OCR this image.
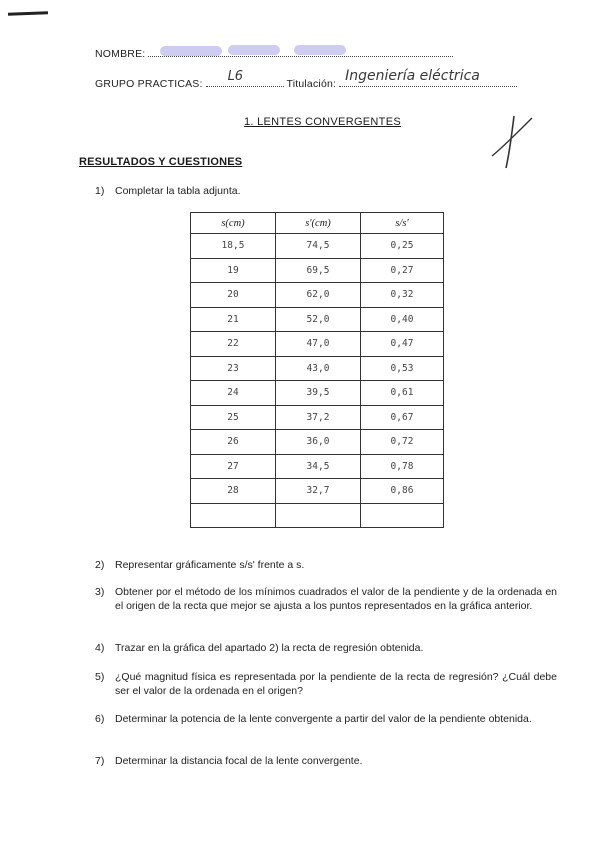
NOMBRE:
GRUPO PRACTICAS: L6	Titulación: Ingeniería eléctrica
1. LENTES CONVERGENTES
RESULTADOS Y CUESTIONES
1)	Completar la tabla adjunta.
s(cm)	s'(cm)	s/s'
18,5	74,5	0,25
19	69,5	0,27
20	62,0	0,32
21	52,0	0,40
22	47,0	0,47
23	43,0	0,53
24	39,5	0,61
25	37,2	0,67
26	36,0	0,72
27	34,5	0,78
28	32,7	0,86

2)	Representar gráficamente s/s' frente a s.
3)	Obtener por el método de los mínimos cuadrados el valor de la pendiente y de la ordenada en el origen de la recta que mejor se ajusta a los puntos representados en la gráfica anterior.
4)	Trazar en la gráfica del apartado 2) la recta de regresión obtenida.
5)	¿Qué magnitud física es representada por la pendiente de la recta de regresión? ¿Cuál debe ser el valor de la ordenada en el origen?
6)	Determinar la potencia de la lente convergente a partir del valor de la pendiente obtenida.
7)	Determinar la distancia focal de la lente convergente.
